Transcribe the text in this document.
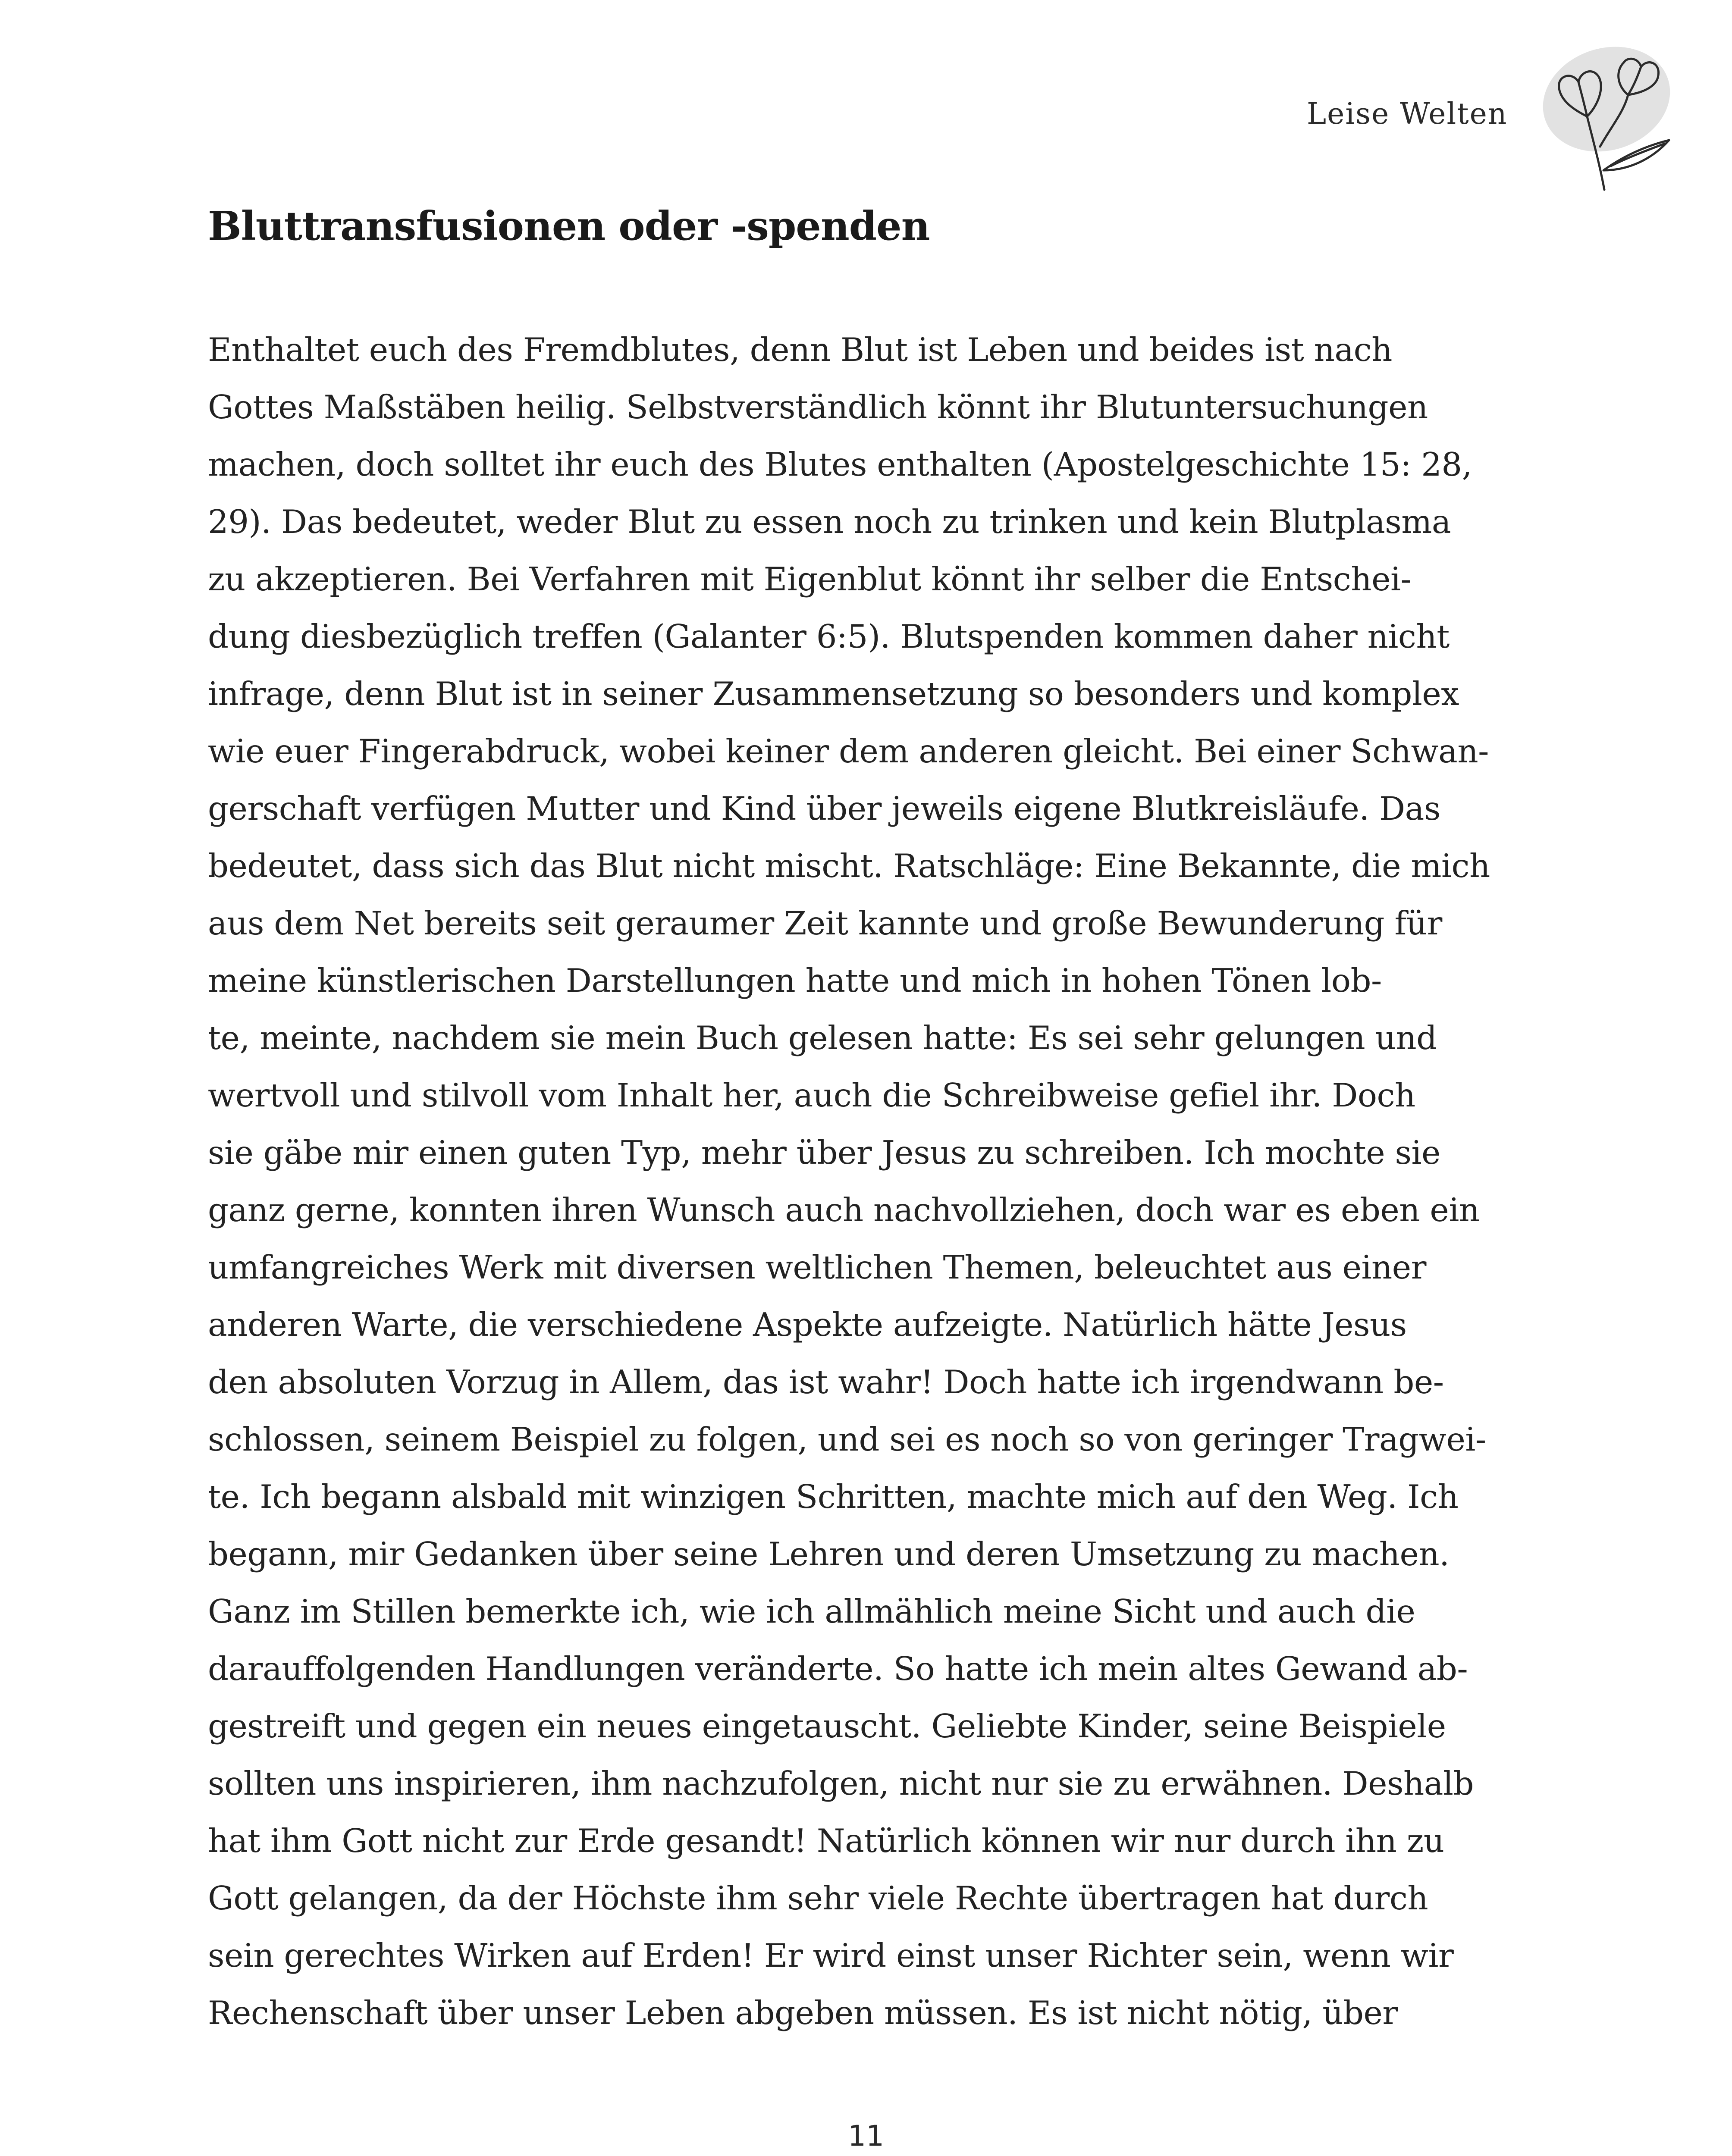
Leise Welten
Bluttransfusionen oder -spenden
Enthaltet euch des Fremdblutes, denn Blut ist Leben und beides ist nach
Gottes Maßstäben heilig. Selbstverständlich könnt ihr Blutuntersuchungen
machen, doch solltet ihr euch des Blutes enthalten (Apostelgeschichte 15: 28,
29). Das bedeutet, weder Blut zu essen noch zu trinken und kein Blutplasma
zu akzeptieren. Bei Verfahren mit Eigenblut könnt ihr selber die Entschei-
dung diesbezüglich treffen (Galanter 6:5). Blutspenden kommen daher nicht
infrage, denn Blut ist in seiner Zusammensetzung so besonders und komplex
wie euer Fingerabdruck, wobei keiner dem anderen gleicht. Bei einer Schwan-
gerschaft verfügen Mutter und Kind über jeweils eigene Blutkreisläufe. Das
bedeutet, dass sich das Blut nicht mischt. Ratschläge: Eine Bekannte, die mich
aus dem Net bereits seit geraumer Zeit kannte und große Bewunderung für
meine künstlerischen Darstellungen hatte und mich in hohen Tönen lob-
te, meinte, nachdem sie mein Buch gelesen hatte: Es sei sehr gelungen und
wertvoll und stilvoll vom Inhalt her, auch die Schreibweise gefiel ihr. Doch
sie gäbe mir einen guten Typ, mehr über Jesus zu schreiben. Ich mochte sie
ganz gerne, konnten ihren Wunsch auch nachvollziehen, doch war es eben ein
umfangreiches Werk mit diversen weltlichen Themen, beleuchtet aus einer
anderen Warte, die verschiedene Aspekte aufzeigte. Natürlich hätte Jesus
den absoluten Vorzug in Allem, das ist wahr! Doch hatte ich irgendwann be-
schlossen, seinem Beispiel zu folgen, und sei es noch so von geringer Tragwei-
te. Ich begann alsbald mit winzigen Schritten, machte mich auf den Weg. Ich
begann, mir Gedanken über seine Lehren und deren Umsetzung zu machen.
Ganz im Stillen bemerkte ich, wie ich allmählich meine Sicht und auch die
darauffolgenden Handlungen veränderte. So hatte ich mein altes Gewand ab-
gestreift und gegen ein neues eingetauscht. Geliebte Kinder, seine Beispiele
sollten uns inspirieren, ihm nachzufolgen, nicht nur sie zu erwähnen. Deshalb
hat ihm Gott nicht zur Erde gesandt! Natürlich können wir nur durch ihn zu
Gott gelangen, da der Höchste ihm sehr viele Rechte übertragen hat durch
sein gerechtes Wirken auf Erden! Er wird einst unser Richter sein, wenn wir
Rechenschaft über unser Leben abgeben müssen. Es ist nicht nötig, über
11
